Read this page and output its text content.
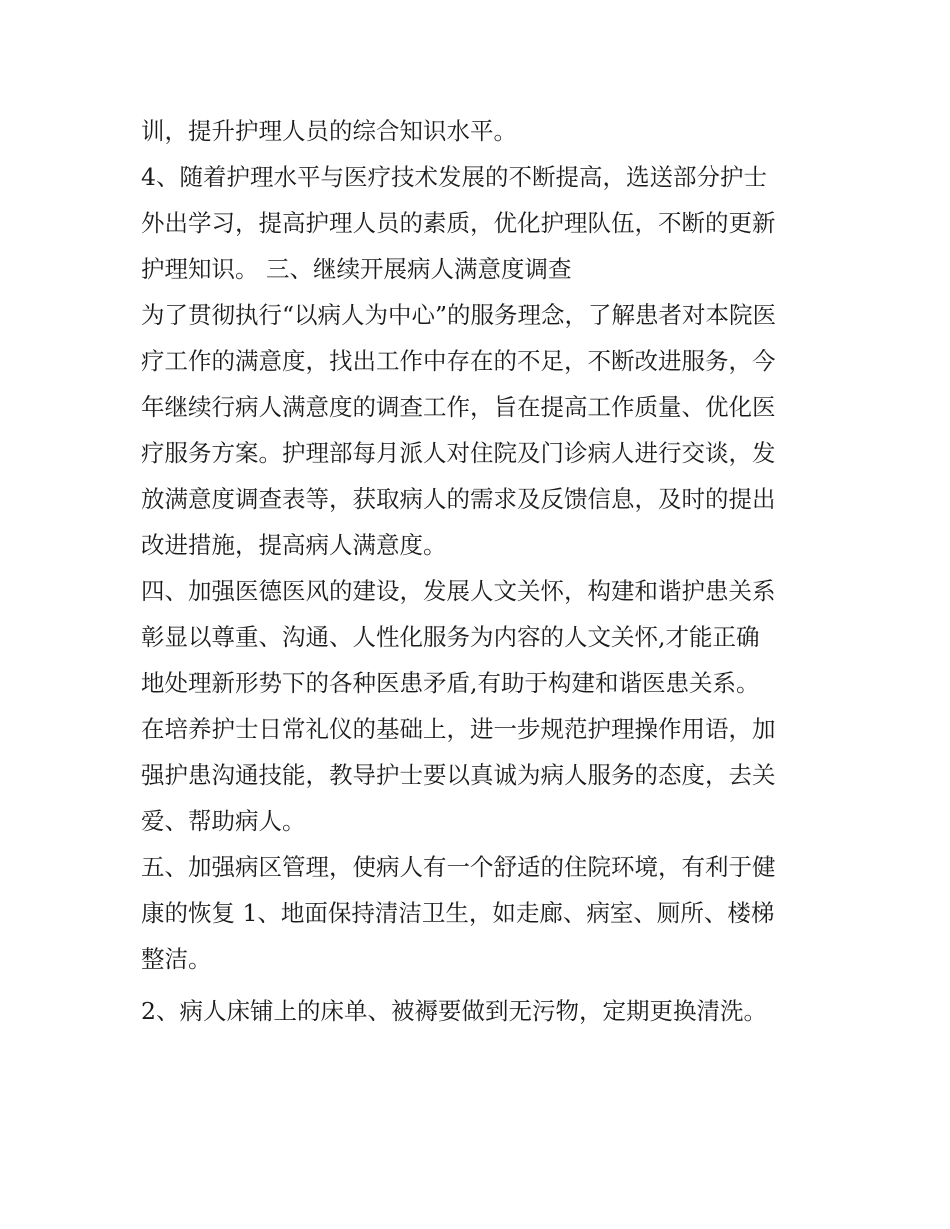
训，提升护理人员的综合知识水平。
4、随着护理水平与医疗技术发展的不断提高，选送部分护士
外出学习，提高护理人员的素质，优化护理队伍，不断的更新
护理知识。 三、继续开展病人满意度调查
为了贯彻执行“以病人为中心”的服务理念，了解患者对本院医
疗工作的满意度，找出工作中存在的不足，不断改进服务，今
年继续行病人满意度的调查工作，旨在提高工作质量、优化医
疗服务方案。护理部每月派人对住院及门诊病人进行交谈，发
放满意度调查表等，获取病人的需求及反馈信息，及时的提出
改进措施，提高病人满意度。
四、加强医德医风的建设，发展人文关怀，构建和谐护患关系
彰显以尊重、沟通、人性化服务为内容的人文关怀,才能正确
地处理新形势下的各种医患矛盾,有助于构建和谐医患关系。
在培养护士日常礼仪的基础上，进一步规范护理操作用语，加
强护患沟通技能，教导护士要以真诚为病人服务的态度，去关
爱、帮助病人。
五、加强病区管理，使病人有一个舒适的住院环境，有利于健
康的恢复 1、地面保持清洁卫生，如走廊、病室、厕所、楼梯
整洁。
2、病人床铺上的床单、被褥要做到无污物，定期更换清洗。
